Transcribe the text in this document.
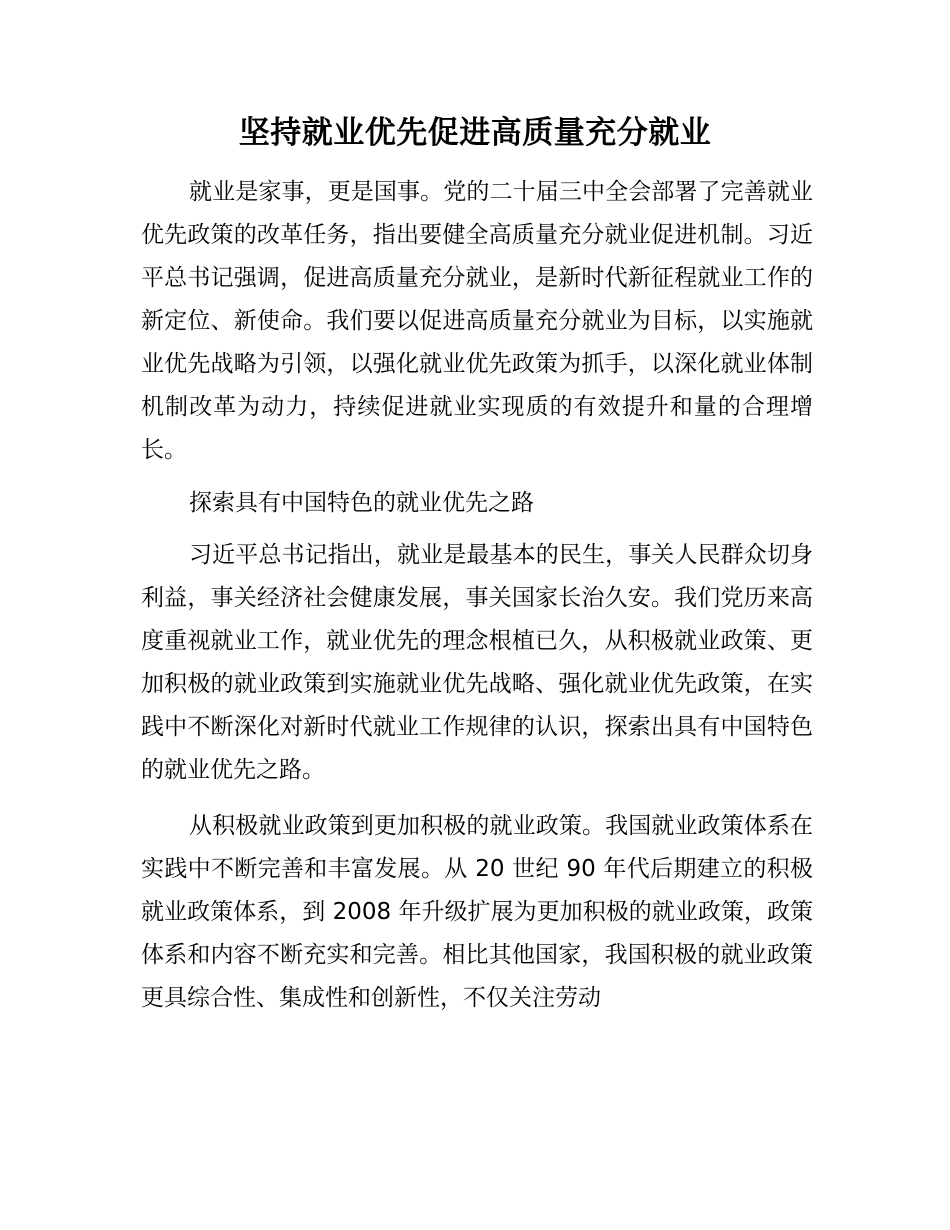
坚持就业优先促进高质量充分就业

就业是家事，更是国事。党的二十届三中全会部署了完善就业优先政策的改革任务，指出要健全高质量充分就业促进机制。习近平总书记强调，促进高质量充分就业，是新时代新征程就业工作的新定位、新使命。我们要以促进高质量充分就业为目标，以实施就业优先战略为引领，以强化就业优先政策为抓手，以深化就业体制机制改革为动力，持续促进就业实现质的有效提升和量的合理增长。

探索具有中国特色的就业优先之路

习近平总书记指出，就业是最基本的民生，事关人民群众切身利益，事关经济社会健康发展，事关国家长治久安。我们党历来高度重视就业工作，就业优先的理念根植已久，从积极就业政策、更加积极的就业政策到实施就业优先战略、强化就业优先政策，在实践中不断深化对新时代就业工作规律的认识，探索出具有中国特色的就业优先之路。

从积极就业政策到更加积极的就业政策。我国就业政策体系在实践中不断完善和丰富发展。从 20 世纪 90 年代后期建立的积极就业政策体系，到 2008 年升级扩展为更加积极的就业政策，政策体系和内容不断充实和完善。相比其他国家，我国积极的就业政策更具综合性、集成性和创新性，不仅关注劳动
